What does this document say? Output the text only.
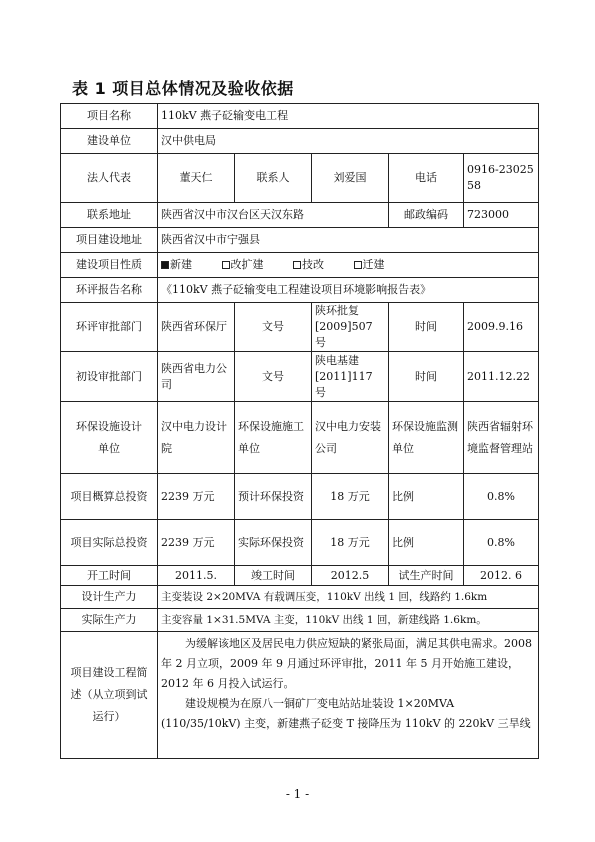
表 1 项目总体情况及验收依据
项目名称	110kV 燕子砭输变电工程				
建设单位	汉中供电局				
法人代表	董天仁	联系人	刘爱国	电话	0916-2302558
联系地址	陕西省汉中市汉台区天汉东路			邮政编码	723000
项目建设地址	陕西省汉中市宁强县				
建设项目性质	新建 改扩建 技改 迁建				
环评报告名称	《110kV 燕子砭输变电工程建设项目环境影响报告表》				
环评审批部门	陕西省环保厅	文号	陕环批复[2009]507 号	时间	2009.9.16
初设审批部门	陕西省电力公司	文号	陕电基建[2011]117 号	时间	2011.12.22
环保设施设计单位	汉中电力设计院	环保设施施工单位	汉中电力安装公司	环保设施监测单位	陕西省辐射环境监督管理站
项目概算总投资	2239 万元	预计环保投资	18 万元	比例	0.8%
项目实际总投资	2239 万元	实际环保投资	18 万元	比例	0.8%
开工时间	2011.5.	竣工时间	2012.5	试生产时间	2012. 6
设计生产力	主变装设 2×20MVA 有载调压变，110kV 出线 1 回，线路约 1.6km				
实际生产力	主变容量 1×31.5MVA 主变，110kV 出线 1 回，新建线路 1.6km。				
项目建设工程简述（从立项到试运行）	为缓解该地区及居民电力供应短缺的紧张局面，满足其供电需求。2008 年 2 月立项，2009 年 9 月通过环评审批，2011 年 5 月开始施工建设，2012 年 6 月投入试运行。
建设规模为在原八一铜矿厂变电站站址装设 1×20MVA (110/35/10kV) 主变，新建燕子砭变 T 接降压为 110kV 的 220kV 三旱线				
- 1 -
